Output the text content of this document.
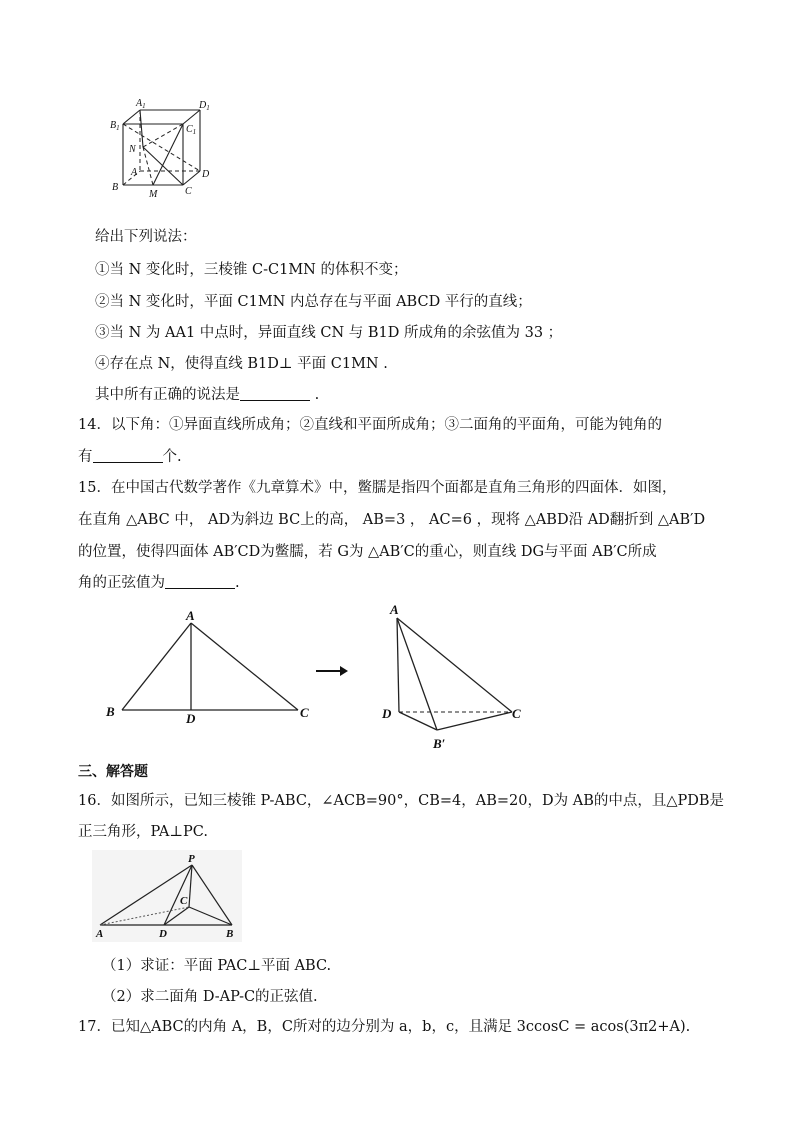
$A_1$	$D_1$
$B_1$	$C_1$
N
A	D
B
M	C
给出下列说法：
①当 N 变化时，三棱锥 C-C1MN 的体积不变；
②当 N 变化时，平面 C1MN 内总存在与平面 ABCD 平行的直线；
③当 N 为 AA1 中点时，异面直线 CN 与 B1D 所成角的余弦值为 33 ；
④存在点 N，使得直线 B1D⊥ 平面 C1MN .
其中所有正确的说法是	.
14．以下角：①异面直线所成角；②直线和平面所成角；③二面角的平面角，可能为钝角的
有	个.
15．在中国古代数学著作《九章算术》中，鳖臑是指四个面都是直角三角形的四面体．如图，
在直角 △ABC 中， AD为斜边 BC上的高， AB=3 ， AC=6 ，现将 △ABD沿 AD翻折到 △AB′D
的位置，使得四面体 AB′CD为鳖臑，若 G为 △AB′C的重心，则直线 DG与平面 AB′C所成
角的正弦值为	.
A
B	D	C
A
D	C
B′
三、解答题
16．如图所示，已知三棱锥 P-ABC，∠ACB=90°，CB=4，AB=20，D为 AB的中点，且△PDB是
正三角形，PA⊥PC.
P
C
A	D	B
（1）求证：平面 PAC⊥平面 ABC.
（2）求二面角 D-AP-C的正弦值.
17．已知△ABC的内角 A，B，C所对的边分别为 a，b，c，且满足 3ccosC = acos(3π2+A).
